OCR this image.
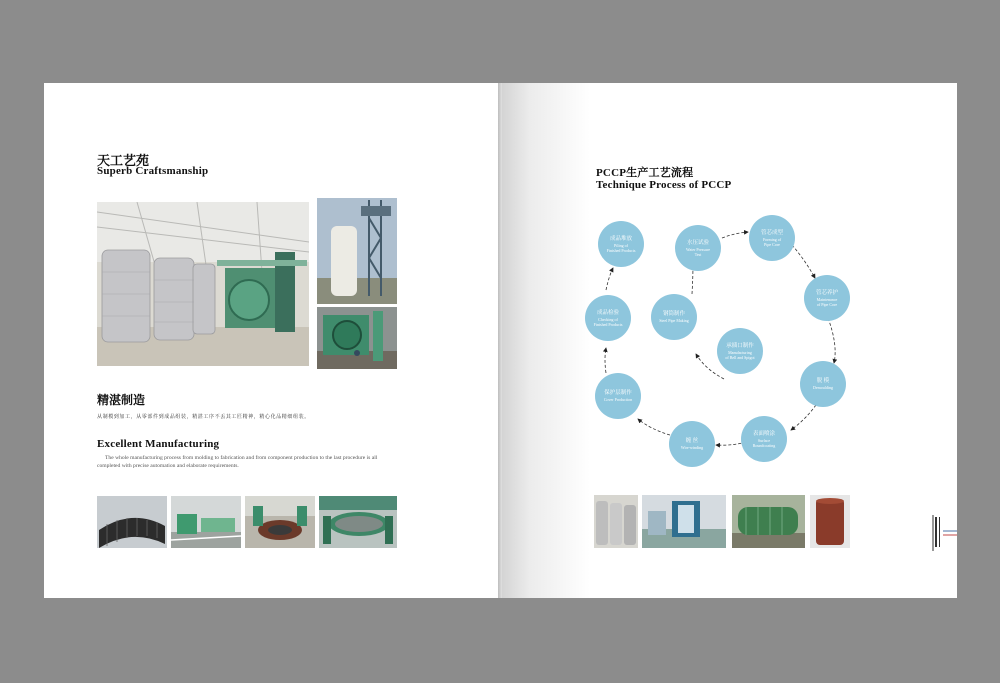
天工艺苑
Superb Craftsmanship
精湛制造
从制模到加工，从零部件到成品组装，精湛工序不丢其工匠精神，精心化品精细组装。
Excellent Manufacturing
The whole manufacturing process from molding to fabrication and from component production to the last procedure is all completed with precise automation and elaborate requirements.
PCCP生产工艺流程
Technique Process of PCCP
管芯成型
Forming of
Pipe Core
管芯养护
Maintenance
of Pipe Core
脱 模
Demoulding
表面喷涂
Surface
Roundcoating
缠 丝
Wire-winding
保护层制作
Cover Production
成品检验
Checking of
Finished Products
成品堆放
Piling of
Finished Products
水压试验
Water Pressure
Test
钢筒制作
Steel Pipe Making
承插口制作
Manufacturing
of Bell and Spigot
